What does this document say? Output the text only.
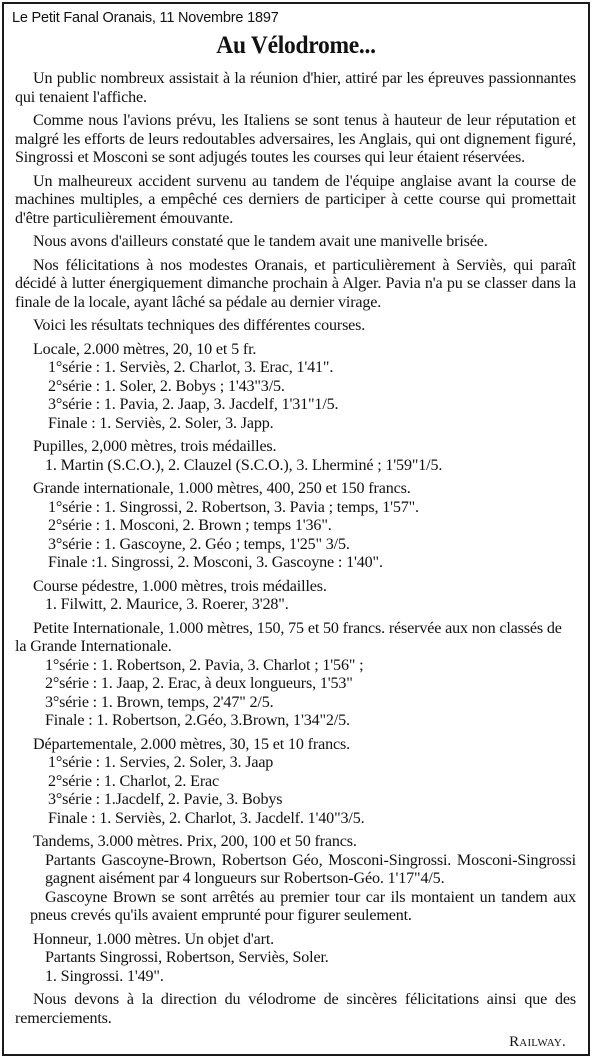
Le Petit Fanal Oranais, 11 Novembre 1897
Au Vélodrome...

Un public nombreux assistait à la réunion d'hier, attiré par les épreuves passionnantes qui tenaient l'affiche.

Comme nous l'avions prévu, les Italiens se sont tenus à hauteur de leur réputation et malgré les efforts de leurs redoutables adversaires, les Anglais, qui ont dignement figuré, Singrossi et Mosconi se sont adjugés toutes les courses qui leur étaient réservées.

Un malheureux accident survenu au tandem de l'équipe anglaise avant la course de machines multiples, a empêché ces derniers de participer à cette course qui promettait d'être particulièrement émouvante.

Nous avons d'ailleurs constaté que le tandem avait une manivelle brisée.

Nos félicitations à nos modestes Oranais, et particulièrement à Serviès, qui paraît décidé à lutter énergiquement dimanche prochain à Alger. Pavia n'a pu se classer dans la finale de la locale, ayant lâché sa pédale au dernier virage.

Voici les résultats techniques des différentes courses.

Locale, 2.000 mètres, 20, 10 et 5 fr.
1°série : 1. Serviès, 2. Charlot, 3. Erac, 1'41".
2°série : 1. Soler, 2. Bobys ; 1'43"3/5.
3°série : 1. Pavia, 2. Jaap, 3. Jacdelf, 1'31"1/5.
Finale : 1. Serviès, 2. Soler, 3. Japp.
Pupilles, 2,000 mètres, trois médailles.
1. Martin (S.C.O.), 2. Clauzel (S.C.O.), 3. Lherminé ; 1'59"1/5.
Grande internationale, 1.000 mètres, 400, 250 et 150 francs.
1°série : 1. Singrossi, 2. Robertson, 3. Pavia ; temps, 1'57".
2°série : 1. Mosconi, 2. Brown ; temps 1'36".
3°série : 1. Gascoyne, 2. Géo ; temps, 1'25" 3/5.
Finale :1. Singrossi, 2. Mosconi, 3. Gascoyne : 1'40".
Course pédestre, 1.000 mètres, trois médailles.
1. Filwitt, 2. Maurice, 3. Roerer, 3'28".
Petite Internationale, 1.000 mètres, 150, 75 et 50 francs. réservée aux non classés de la Grande Internationale.
1°série : 1. Robertson, 2. Pavia, 3. Charlot ; 1'56" ;
2°série : 1. Jaap, 2. Erac, à deux longueurs, 1'53"
3°série : 1. Brown, temps, 2'47" 2/5.
Finale : 1. Robertson, 2.Géo, 3.Brown, 1'34"2/5.
Départementale, 2.000 mètres, 30, 15 et 10 francs.
1°série : 1. Servies, 2. Soler, 3. Jaap
2°série : 1. Charlot, 2. Erac
3°série : 1.Jacdelf, 2. Pavie, 3. Bobys
Finale : 1. Serviès, 2. Charlot, 3. Jacdelf. 1'40"3/5.
Tandems, 3.000 mètres. Prix, 200, 100 et 50 francs.
Partants Gascoyne-Brown, Robertson Géo, Mosconi-Singrossi. Mosconi-Singrossi gagnent aisément par 4 longueurs sur Robertson-Géo. 1'17"4/5.
Gascoyne Brown se sont arrêtés au premier tour car ils montaient un tandem aux pneus crevés qu'ils avaient emprunté pour figurer seulement.
Honneur, 1.000 mètres. Un objet d'art.
Partants Singrossi, Robertson, Serviès, Soler.
1. Singrossi. 1'49".

Nous devons à la direction du vélodrome de sincères félicitations ainsi que des remerciements.

Railway.
